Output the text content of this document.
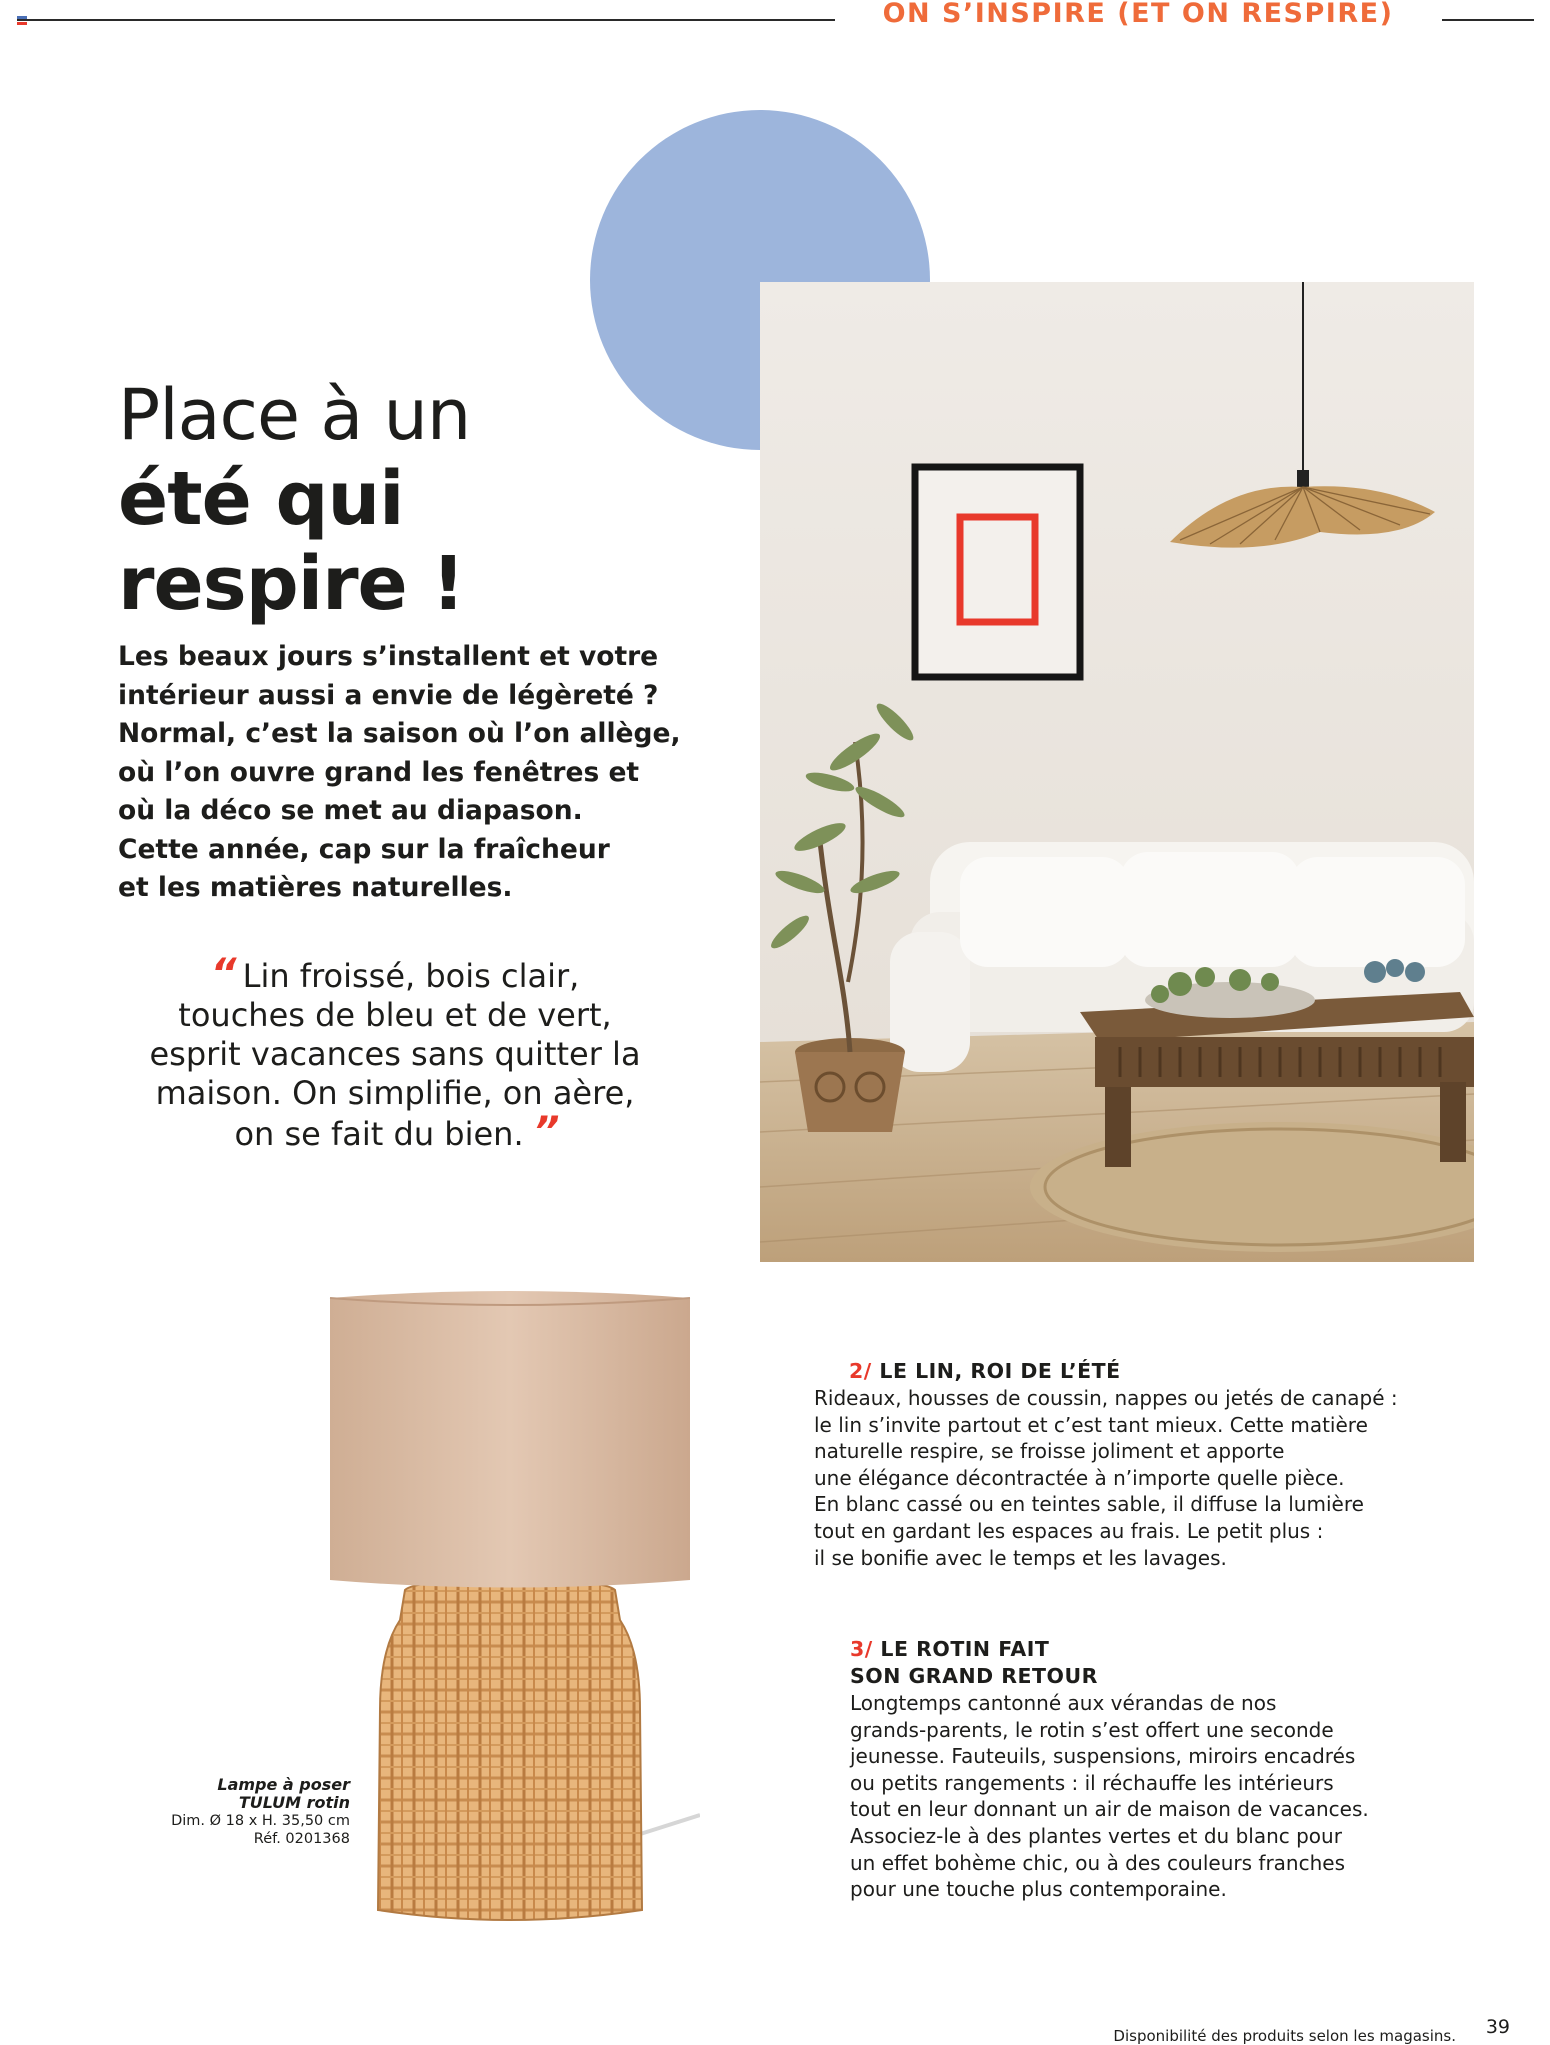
ON S’INSPIRE (ET ON RESPIRE)
Place à un
été qui
respire !
Les beaux jours s’installent et votre
intérieur aussi a envie de légèreté ?
Normal, c’est la saison où l’on allège,
où l’on ouvre grand les fenêtres et
où la déco se met au diapason.
Cette année, cap sur la fraîcheur
et les matières naturelles.
“ Lin froissé, bois clair,
touches de bleu et de vert,
esprit vacances sans quitter la
maison. On simplifie, on aère,
on se fait du bien. ”
Lampe à poser
TULUM rotin
Dim. Ø 18 x H. 35,50 cm
Réf. 0201368
2/ LE LIN, ROI DE L’ÉTÉ
Rideaux, housses de coussin, nappes ou jetés de canapé :
le lin s’invite partout et c’est tant mieux. Cette matière
naturelle respire, se froisse joliment et apporte
une élégance décontractée à n’importe quelle pièce.
En blanc cassé ou en teintes sable, il diffuse la lumière
tout en gardant les espaces au frais. Le petit plus :
il se bonifie avec le temps et les lavages.
3/ LE ROTIN FAIT
SON GRAND RETOUR
Longtemps cantonné aux vérandas de nos
grands-parents, le rotin s’est offert une seconde
jeunesse. Fauteuils, suspensions, miroirs encadrés
ou petits rangements : il réchauffe les intérieurs
tout en leur donnant un air de maison de vacances.
Associez-le à des plantes vertes et du blanc pour
un effet bohème chic, ou à des couleurs franches
pour une touche plus contemporaine.
Disponibilité des produits selon les magasins. 39
